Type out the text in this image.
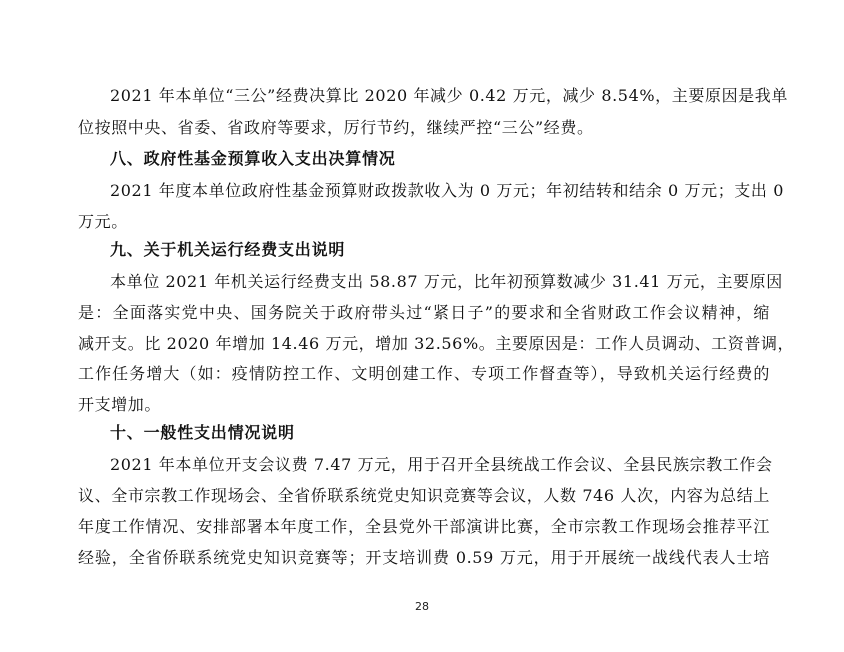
2021 年本单位“三公”经费决算比 2020 年减少 0.42 万元，减少 8.54%，主要原因是我单
位按照中央、省委、省政府等要求，厉行节约，继续严控“三公”经费。
八、政府性基金预算收入支出决算情况
2021 年度本单位政府性基金预算财政拨款收入为 0 万元；年初结转和结余 0 万元；支出 0
万元。
九、关于机关运行经费支出说明
本单位 2021 年机关运行经费支出 58.87 万元，比年初预算数减少 31.41 万元，主要原因
是：全面落实党中央、国务院关于政府带头过“紧日子”的要求和全省财政工作会议精神，缩
减开支。比 2020 年增加 14.46 万元，增加 32.56%。主要原因是：工作人员调动、工资普调，
工作任务增大（如：疫情防控工作、文明创建工作、专项工作督查等），导致机关运行经费的
开支增加。
十、一般性支出情况说明
2021 年本单位开支会议费 7.47 万元，用于召开全县统战工作会议、全县民族宗教工作会
议、全市宗教工作现场会、全省侨联系统党史知识竞赛等会议，人数 746 人次，内容为总结上
年度工作情况、安排部署本年度工作，全县党外干部演讲比赛，全市宗教工作现场会推荐平江
经验，全省侨联系统党史知识竞赛等；开支培训费 0.59 万元，用于开展统一战线代表人士培
28
